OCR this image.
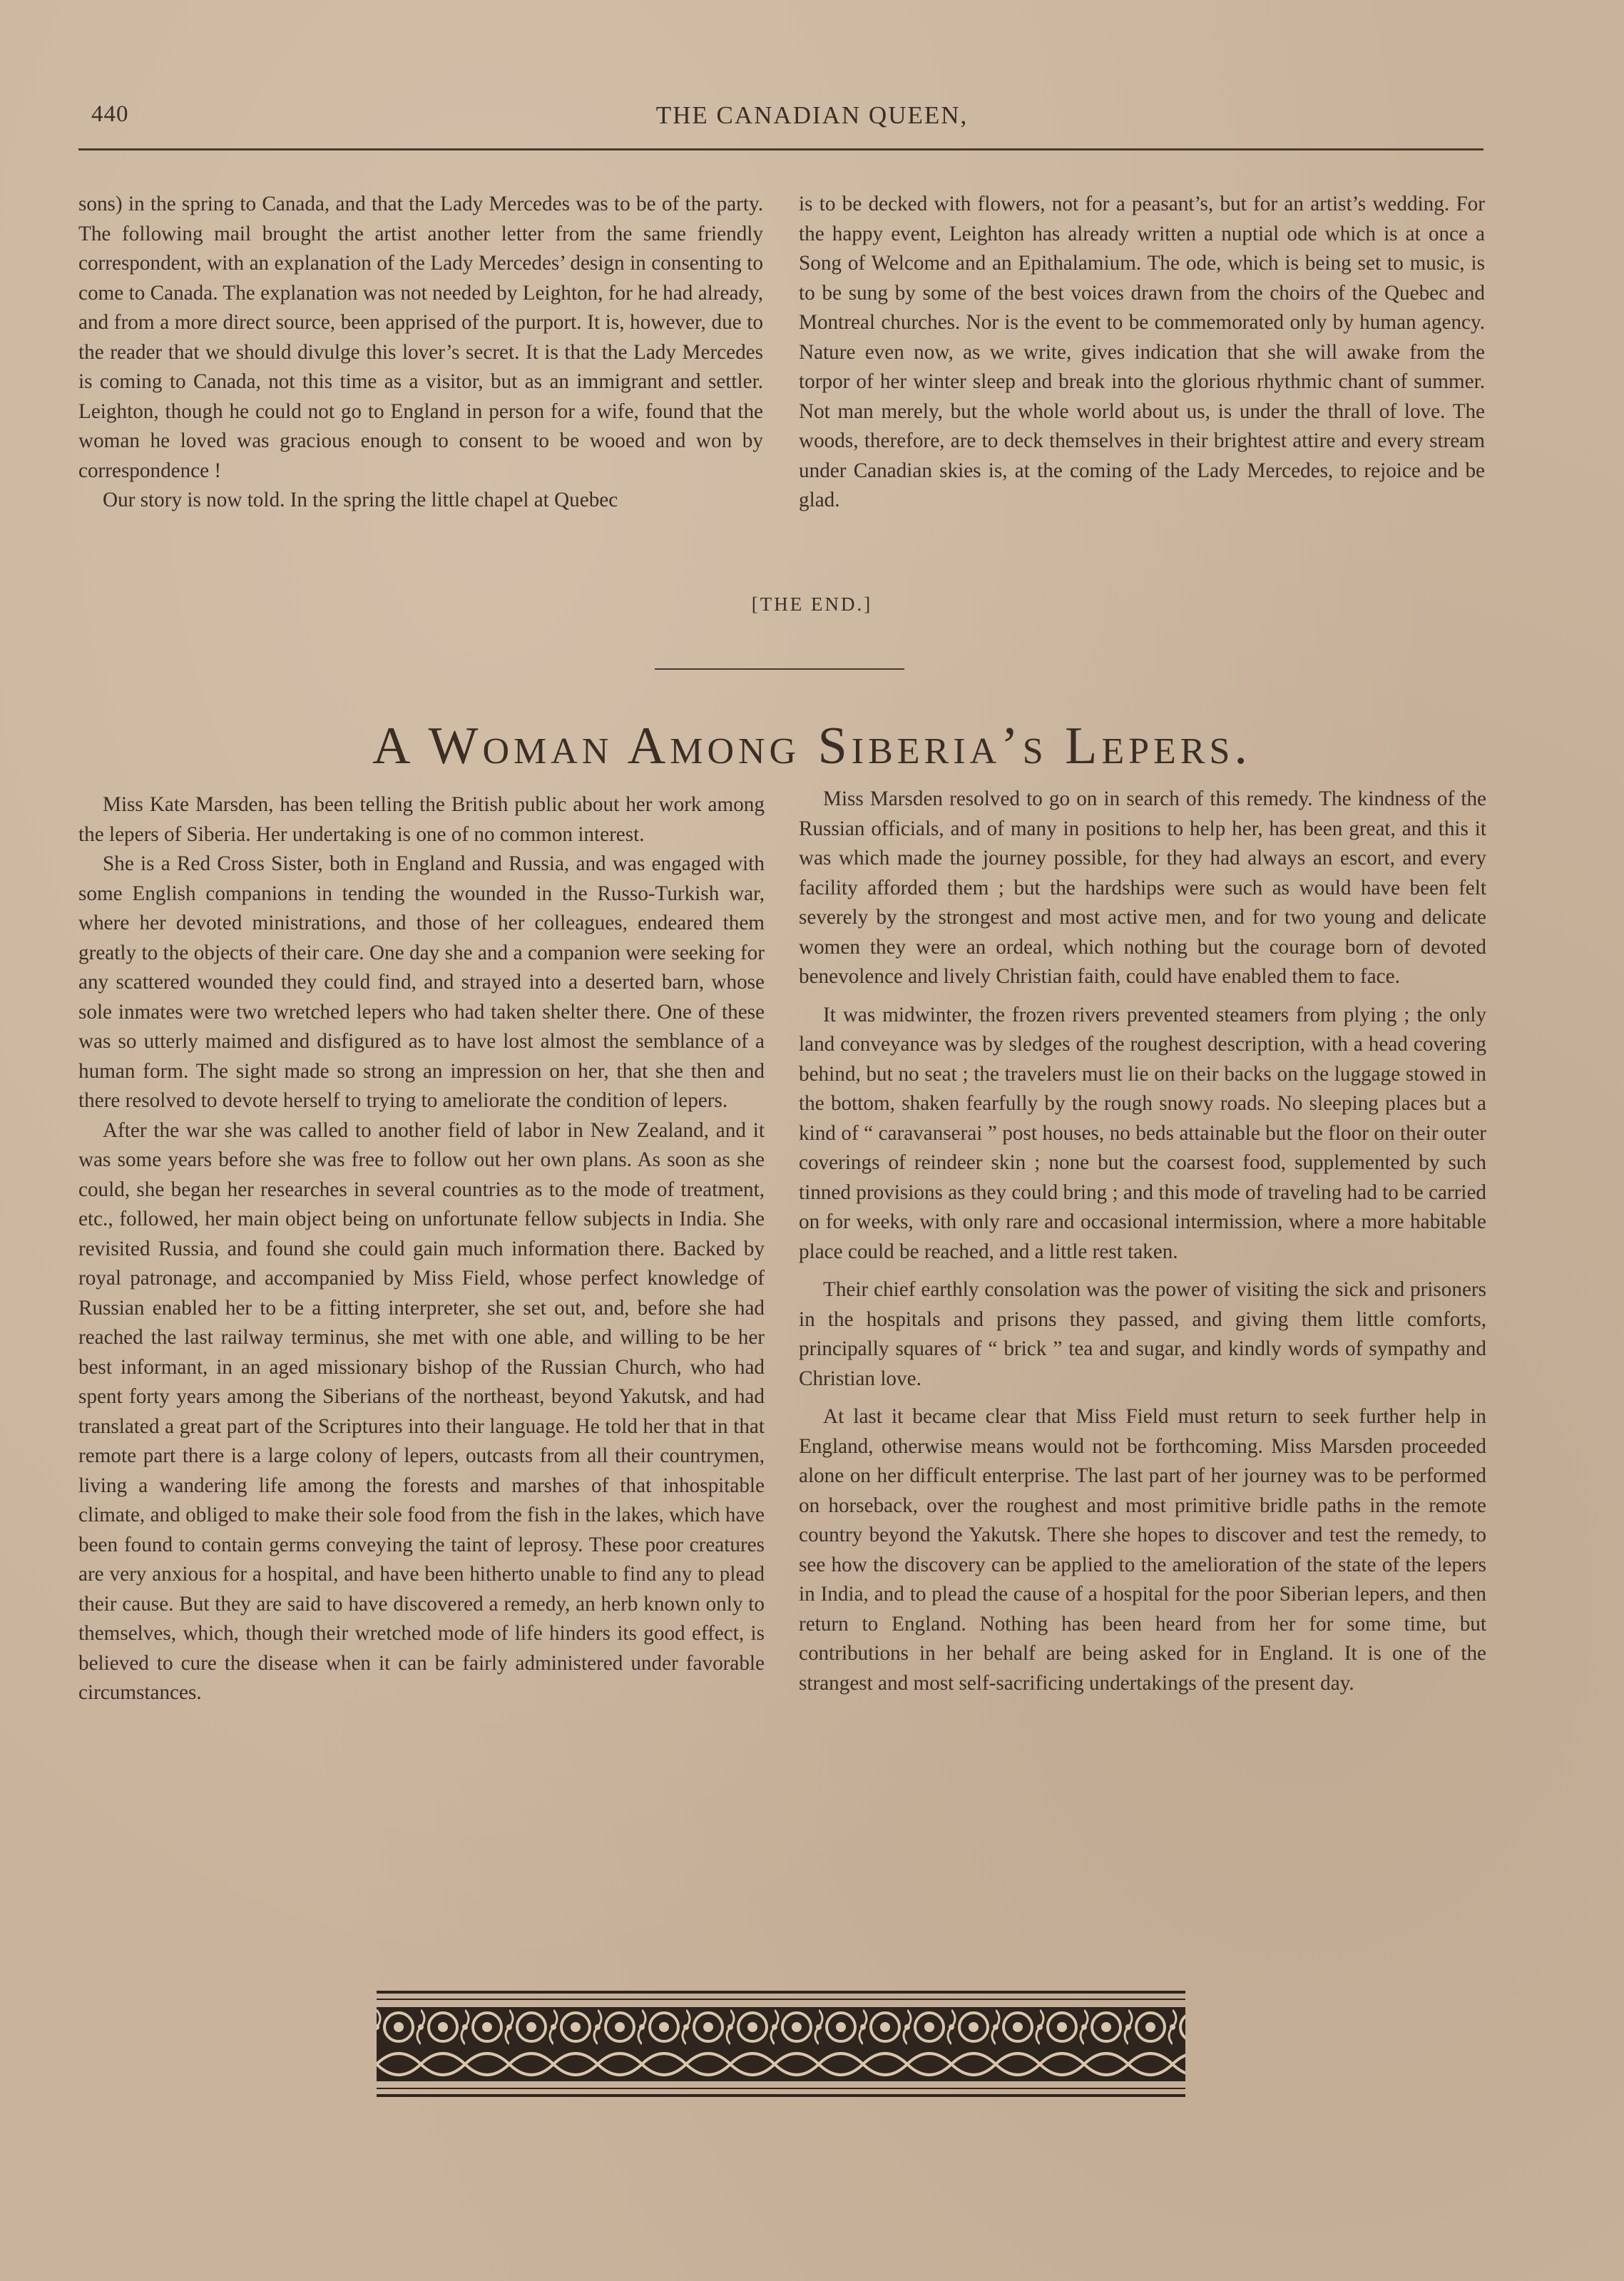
440	THE CANADIAN QUEEN,

sons) in the spring to Canada, and that the Lady Mercedes was to be of the party. The following mail brought the artist another letter from the same friendly correspondent, with an explanation of the Lady Mercedes’ design in consenting to come to Canada. The explanation was not needed by Leighton, for he had already, and from a more direct source, been apprised of the purport. It is, however, due to the reader that we should divulge this lover’s secret. It is that the Lady Mercedes is coming to Canada, not this time as a visitor, but as an immigrant and settler. Leighton, though he could not go to England in person for a wife, found that the woman he loved was gracious enough to consent to be wooed and won by correspondence !

Our story is now told. In the spring the little chapel at Quebec

is to be decked with flowers, not for a peasant’s, but for an artist’s wedding. For the happy event, Leighton has already written a nuptial ode which is at once a Song of Welcome and an Epithalamium. The ode, which is being set to music, is to be sung by some of the best voices drawn from the choirs of the Quebec and Montreal churches. Nor is the event to be commemorated only by human agency. Nature even now, as we write, gives indication that she will awake from the torpor of her winter sleep and break into the glorious rhythmic chant of summer. Not man merely, but the whole world about us, is under the thrall of love. The woods, therefore, are to deck themselves in their brightest attire and every stream under Canadian skies is, at the coming of the Lady Mercedes, to rejoice and be glad.

[THE END.]
A Woman Among Siberia’s Lepers.

Miss Kate Marsden, has been telling the British public about her work among the lepers of Siberia. Her undertaking is one of no common interest.

She is a Red Cross Sister, both in England and Russia, and was engaged with some English companions in tending the wounded in the Russo-Turkish war, where her devoted ministrations, and those of her colleagues, endeared them greatly to the objects of their care. One day she and a companion were seeking for any scattered wounded they could find, and strayed into a deserted barn, whose sole inmates were two wretched lepers who had taken shelter there. One of these was so utterly maimed and disfigured as to have lost almost the semblance of a human form. The sight made so strong an impression on her, that she then and there resolved to devote herself to trying to ameliorate the condition of lepers.

After the war she was called to another field of labor in New Zealand, and it was some years before she was free to follow out her own plans. As soon as she could, she began her researches in several countries as to the mode of treatment, etc., followed, her main object being on unfortunate fellow subjects in India. She revisited Russia, and found she could gain much information there. Backed by royal patronage, and accompanied by Miss Field, whose perfect knowledge of Russian enabled her to be a fitting interpreter, she set out, and, before she had reached the last railway terminus, she met with one able, and willing to be her best informant, in an aged missionary bishop of the Russian Church, who had spent forty years among the Siberians of the northeast, beyond Yakutsk, and had translated a great part of the Scriptures into their language. He told her that in that remote part there is a large colony of lepers, outcasts from all their countrymen, living a wandering life among the forests and marshes of that inhospitable climate, and obliged to make their sole food from the fish in the lakes, which have been found to contain germs conveying the taint of leprosy. These poor creatures are very anxious for a hospital, and have been hitherto unable to find any to plead their cause. But they are said to have discovered a remedy, an herb known only to themselves, which, though their wretched mode of life hinders its good effect, is believed to cure the disease when it can be fairly administered under favorable circumstances.

Miss Marsden resolved to go on in search of this remedy. The kindness of the Russian officials, and of many in positions to help her, has been great, and this it was which made the journey possible, for they had always an escort, and every facility afforded them ; but the hardships were such as would have been felt severely by the strongest and most active men, and for two young and delicate women they were an ordeal, which nothing but the courage born of devoted benevolence and lively Christian faith, could have enabled them to face.

It was midwinter, the frozen rivers prevented steamers from plying ; the only land conveyance was by sledges of the roughest description, with a head covering behind, but no seat ; the travelers must lie on their backs on the luggage stowed in the bottom, shaken fearfully by the rough snowy roads. No sleeping places but a kind of “ caravanserai ” post houses, no beds attainable but the floor on their outer coverings of reindeer skin ; none but the coarsest food, supplemented by such tinned provisions as they could bring ; and this mode of traveling had to be carried on for weeks, with only rare and occasional intermission, where a more habitable place could be reached, and a little rest taken.

Their chief earthly consolation was the power of visiting the sick and prisoners in the hospitals and prisons they passed, and giving them little comforts, principally squares of “ brick ” tea and sugar, and kindly words of sympathy and Christian love.

At last it became clear that Miss Field must return to seek further help in England, otherwise means would not be forthcoming. Miss Marsden proceeded alone on her difficult enterprise. The last part of her journey was to be performed on horseback, over the roughest and most primitive bridle paths in the remote country beyond the Yakutsk. There she hopes to discover and test the remedy, to see how the discovery can be applied to the amelioration of the state of the lepers in India, and to plead the cause of a hospital for the poor Siberian lepers, and then return to England. Nothing has been heard from her for some time, but contributions in her behalf are being asked for in England. It is one of the strangest and most self-sacrificing undertakings of the present day.
